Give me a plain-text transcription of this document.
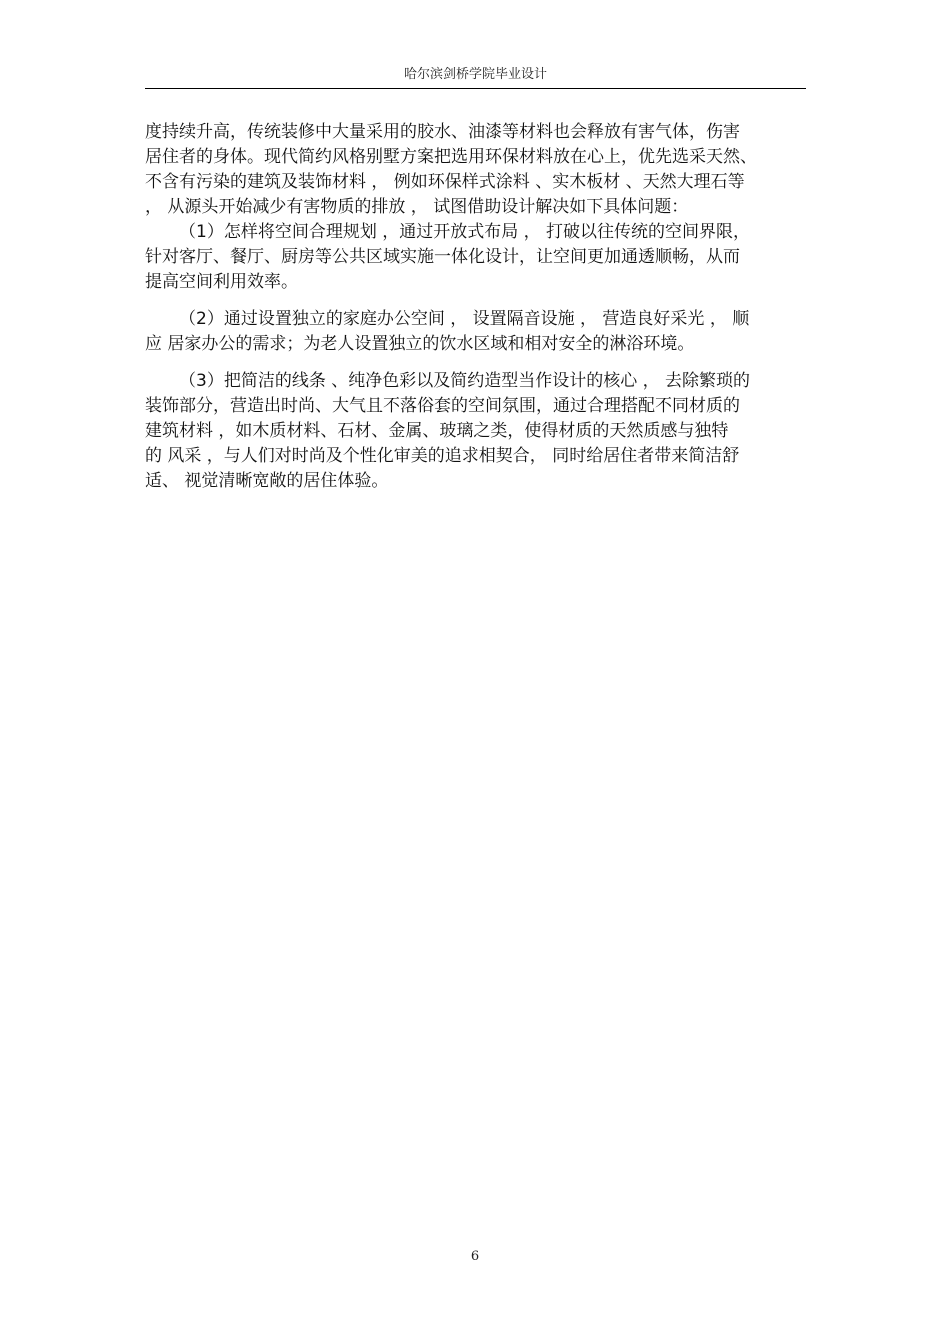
哈尔滨剑桥学院毕业设计

度持续升高，传统装修中大量采用的胶水、油漆等材料也会释放有害气体，伤害
居住者的身体。现代简约风格别墅方案把选用环保材料放在心上，优先选采天然、
不含有污染的建筑及装饰材料 ， 例如环保样式涂料 、实木板材 、天然大理石等
， 从源头开始减少有害物质的排放 ， 试图借助设计解决如下具体问题：

（1）怎样将空间合理规划 ，通过开放式布局 ， 打破以往传统的空间界限，
针对客厅、餐厅、厨房等公共区域实施一体化设计，让空间更加通透顺畅，从而
提高空间利用效率。

（2）通过设置独立的家庭办公空间 ， 设置隔音设施 ， 营造良好采光 ， 顺
应 居家办公的需求；为老人设置独立的饮水区域和相对安全的淋浴环境。

（3）把简洁的线条 、纯净色彩以及简约造型当作设计的核心 ， 去除繁琐的
装饰部分，营造出时尚、大气且不落俗套的空间氛围，通过合理搭配不同材质的
建筑材料 ，如木质材料、石材、金属、玻璃之类，使得材质的天然质感与独特
的 风采 ，与人们对时尚及个性化审美的追求相契合， 同时给居住者带来简洁舒
适、 视觉清晰宽敞的居住体验。

6
